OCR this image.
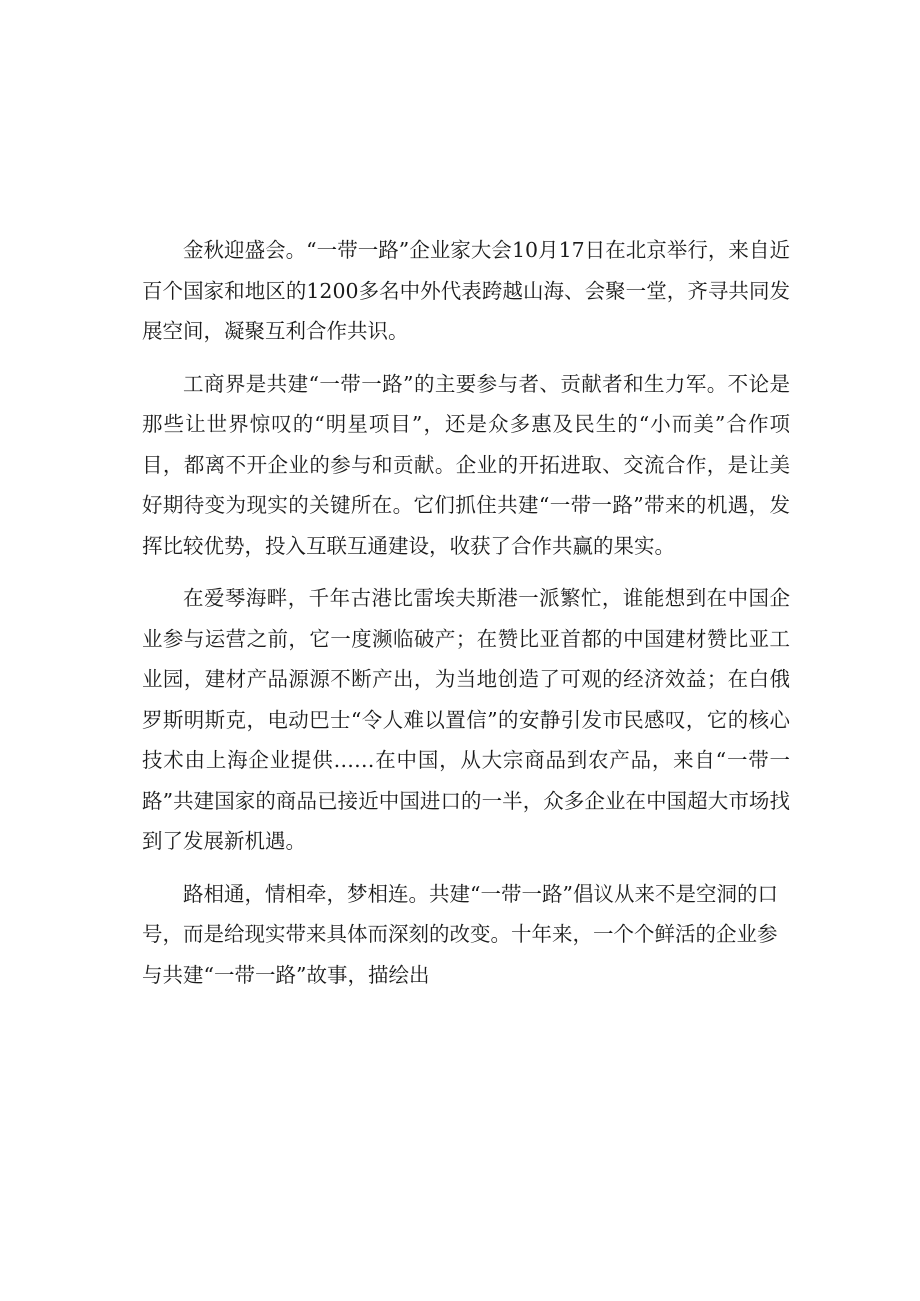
金秋迎盛会。“一带一路”企业家大会10月17日在北京举行，来自近百个国家和地区的1200多名中外代表跨越山海、会聚一堂，齐寻共同发展空间，凝聚互利合作共识。

工商界是共建“一带一路”的主要参与者、贡献者和生力军。不论是那些让世界惊叹的“明星项目”，还是众多惠及民生的“小而美”合作项目，都离不开企业的参与和贡献。企业的开拓进取、交流合作，是让美好期待变为现实的关键所在。它们抓住共建“一带一路”带来的机遇，发挥比较优势，投入互联互通建设，收获了合作共赢的果实。

在爱琴海畔，千年古港比雷埃夫斯港一派繁忙，谁能想到在中国企业参与运营之前，它一度濒临破产；在赞比亚首都的中国建材赞比亚工业园，建材产品源源不断产出，为当地创造了可观的经济效益；在白俄罗斯明斯克，电动巴士“令人难以置信”的安静引发市民感叹，它的核心技术由上海企业提供……在中国，从大宗商品到农产品，来自“一带一路”共建国家的商品已接近中国进口的一半，众多企业在中国超大市场找到了发展新机遇。

路相通，情相牵，梦相连。共建“一带一路”倡议从来不是空洞的口号，而是给现实带来具体而深刻的改变。十年来，一个个鲜活的企业参与共建“一带一路”故事，描绘出
